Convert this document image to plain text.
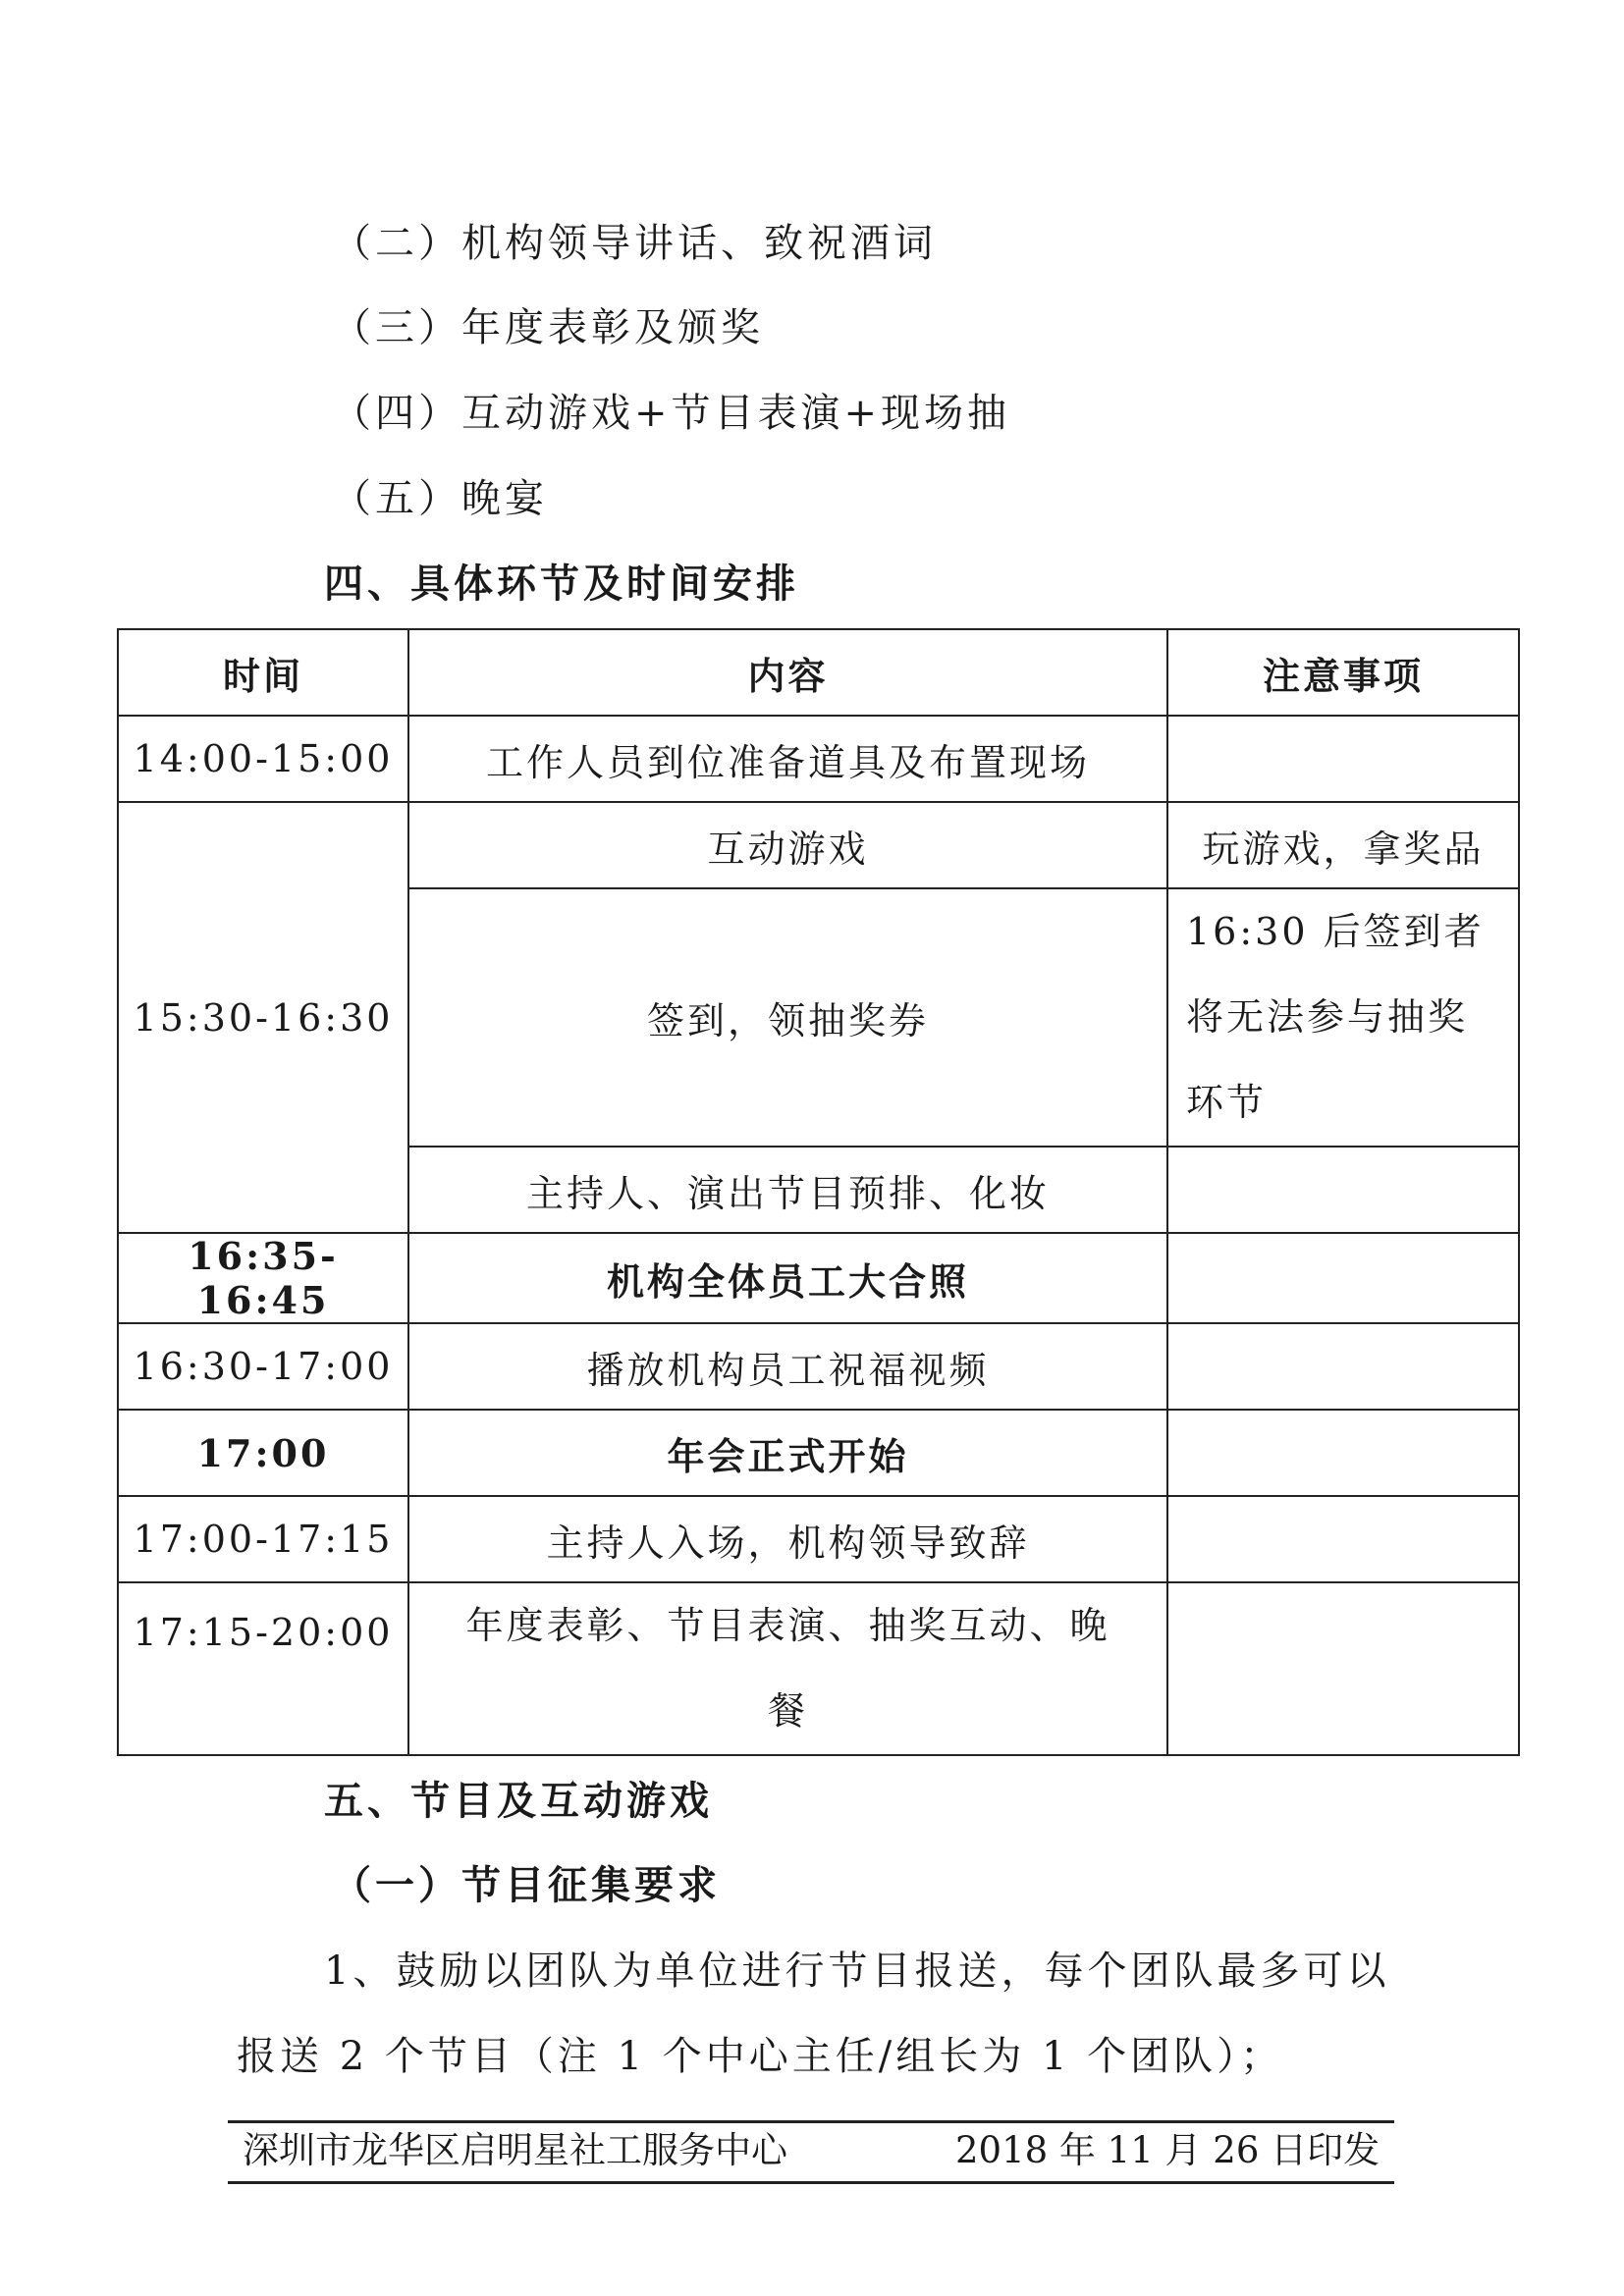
（二）机构领导讲话、致祝酒词
（三）年度表彰及颁奖
（四）互动游戏+节目表演+现场抽
（五）晚宴
四、具体环节及时间安排
时间	内容	注意事项
14:00-15:00	工作人员到位准备道具及布置现场	
15:30-16:30	互动游戏	玩游戏，拿奖品
	签到，领抽奖券	16:30 后签到者
将无法参与抽奖
环节
	主持人、演出节目预排、化妆	
16:35-16:45	机构全体员工大合照	
16:30-17:00	播放机构员工祝福视频	
17:00	年会正式开始	
17:00-17:15	主持人入场，机构领导致辞	
17:15-20:00	年度表彰、节目表演、抽奖互动、晚
餐	
五、节目及互动游戏
（一）节目征集要求
1、鼓励以团队为单位进行节目报送，每个团队最多可以
报送 2 个节目（注 1 个中心主任/组长为 1 个团队）；
深圳市龙华区启明星社工服务中心	2018 年 11 月 26 日印发
